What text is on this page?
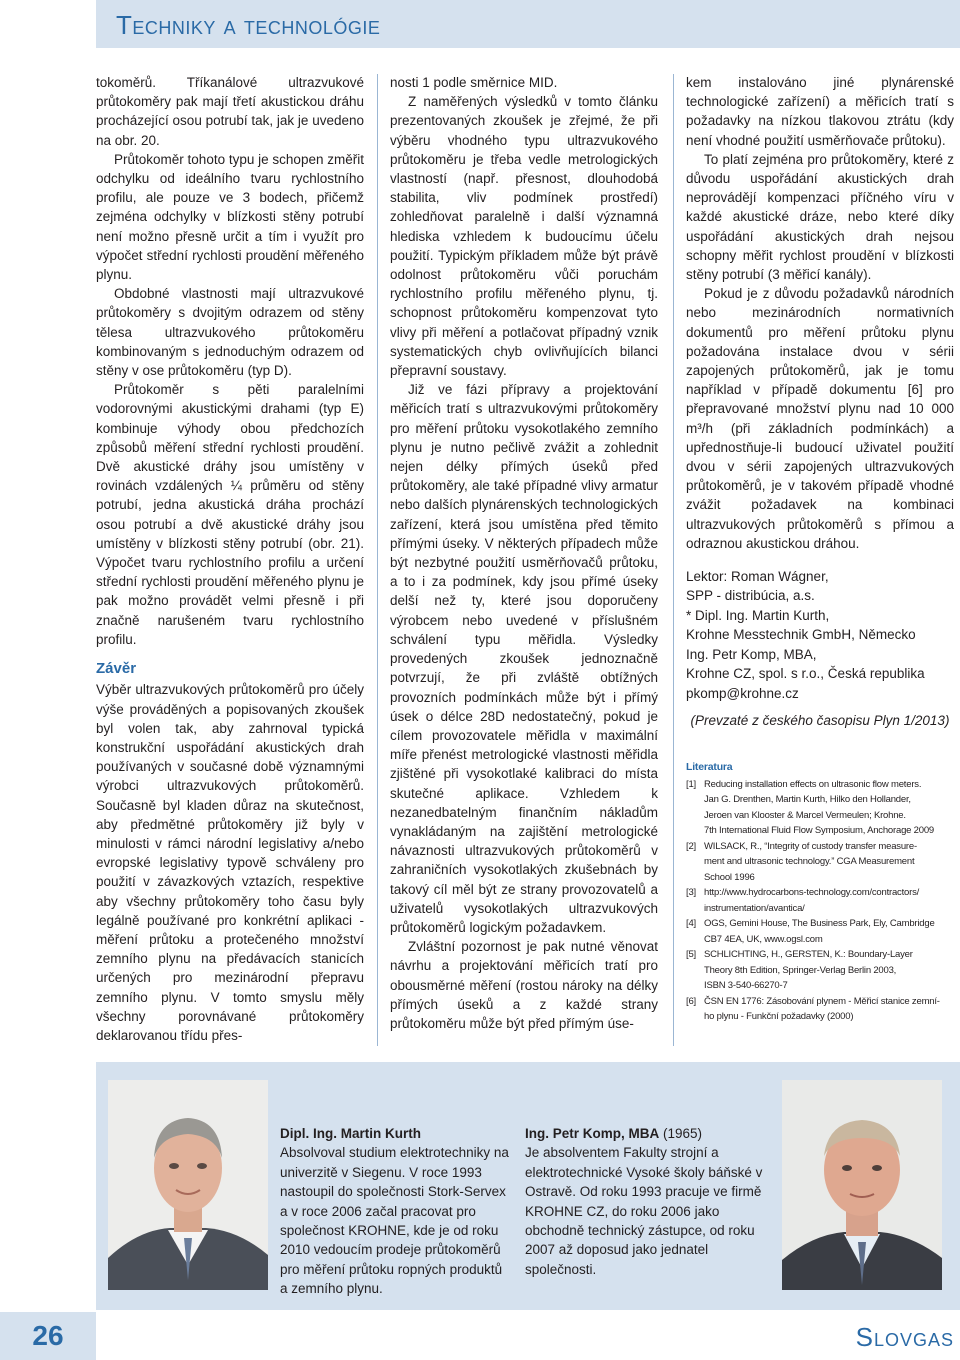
Techniky a technológie

tokoměrů. Tříkanálové ultrazvukové průtokoměry pak mají třetí akustickou dráhu procházející osou potrubí tak, jak je uvedeno na obr. 20.

Průtokoměr tohoto typu je schopen změřit odchylku od ideálního tvaru rychlostního profilu, ale pouze ve 3 bodech, přičemž zejména odchylky v blízkosti stěny potrubí není možno přesně určit a tím i využít pro výpočet střední rychlosti proudění měřeného plynu.

Obdobné vlastnosti mají ultrazvukové průtokoměry s dvojitým odrazem od stěny tělesa ultrazvukového průtokoměru kombinovaným s jednoduchým odrazem od stěny v ose průtokoměru (typ D).

Průtokoměr s pěti paralelními vodorovnými akustickými drahami (typ E) kombinuje výhody obou předchozích způsobů měření střední rychlosti proudění. Dvě akustické dráhy jsou umístěny v rovinách vzdálených ¼ průměru od stěny potrubí, jedna akustická dráha prochází osou potrubí a dvě akustické dráhy jsou umístěny v blízkosti stěny potrubí (obr. 21). Výpočet tvaru rychlostního profilu a určení střední rychlosti proudění měřeného plynu je pak možno provádět velmi přesně i při značně narušeném tvaru rychlostního profilu.

Závěr

Výběr ultrazvukových průtokoměrů pro účely výše prováděných a popisovaných zkoušek byl volen tak, aby zahrnoval typická konstrukční uspořádání akustických drah používaných v současné době významnými výrobci ultrazvukových průtokoměrů. Současně byl kladen důraz na skutečnost, aby předmětné průtokoměry již byly v minulosti v rámci národní legislativy a/nebo evropské legislativy typově schváleny pro použití v závazkových vztazích, respektive aby všechny průtokoměry toho času byly legálně používané pro konkrétní aplikaci - měření průtoku a protečeného množství zemního plynu na předávacích stanicích určených pro mezinárodní přepravu zemního plynu. V tomto smyslu měly všechny porovnávané průtokoměry deklarovanou třídu přes-

nosti 1 podle směrnice MID.

Z naměřených výsledků v tomto článku prezentovaných zkoušek je zřejmé, že při výběru vhodného typu ultrazvukového průtokoměru je třeba vedle metrologických vlastností (např. přesnost, dlouhodobá stabilita, vliv podmínek prostředí) zohledňovat paralelně i další významná hlediska vzhledem k budoucímu účelu použití. Typickým příkladem může být právě odolnost průtokoměru vůči poruchám rychlostního profilu měřeného plynu, tj. schopnost průtokoměru kompenzovat tyto vlivy při měření a potlačovat případný vznik systematických chyb ovlivňujících bilanci přepravní soustavy.

Již ve fázi přípravy a projektování měřicích tratí s ultrazvukovými průtokoměry pro měření průtoku vysokotlakého zemního plynu je nutno pečlivě zvážit a zohlednit nejen délky přímých úseků před průtokoměry, ale také případné vlivy armatur nebo dalších plynárenských technologických zařízení, která jsou umístěna před těmito přímými úseky. V některých případech může být nezbytné použití usměrňovačů průtoku, a to i za podmínek, kdy jsou přímé úseky delší než ty, které jsou doporučeny výrobcem nebo uvedené v příslušném schválení typu měřidla. Výsledky provedených zkoušek jednoznačně potvrzují, že při zvláště obtížných provozních podmínkách může být i přímý úsek o délce 28D nedostatečný, pokud je cílem provozovatele měřidla v maximální míře přenést metrologické vlastnosti měřidla zjištěné při vysokotlaké kalibraci do místa skutečné aplikace. Vzhledem k nezanedbatelným finančním nákladům vynakládaným na zajištění metrologické návaznosti ultrazvukových průtokoměrů v zahraničních vysokotlakých zkušebnách by takový cíl měl být ze strany provozovatelů a uživatelů vysokotlakých ultrazvukových průtokoměrů logickým požadavkem.

Zvláštní pozornost je pak nutné věnovat návrhu a projektování měřicích tratí pro obousměrné měření (rostou nároky na délky přímých úseků a z každé strany průtokoměru může být před přímým úse-

kem instalováno jiné plynárenské technologické zařízení) a měřicích tratí s požadavky na nízkou tlakovou ztrátu (kdy není vhodné použití usměrňovače průtoku).

To platí zejména pro průtokoměry, které z důvodu uspořádání akustických drah neprovádějí kompenzaci příčného víru v každé akustické dráze, nebo které díky uspořádání akustických drah nejsou schopny měřit rychlost proudění v blízkosti stěny potrubí (3 měřicí kanály).

Pokud je z důvodu požadavků národních nebo mezinárodních normativních dokumentů pro měření průtoku plynu požadována instalace dvou v sérii zapojených průtokoměrů, jak je tomu například v případě dokumentu [6] pro přepravované množství plynu nad 10 000 m³/h (při základních podmínkách) a upřednostňuje-li budoucí uživatel použití dvou v sérii zapojených ultrazvukových průtokoměrů, je v takovém případě vhodné zvážit požadavek na kombinaci ultrazvukových průtokoměrů s přímou a odraznou akustickou dráhou.

Lektor: Roman Wágner,
SPP - distribúcia, a.s.
* Dipl. Ing. Martin Kurth,
Krohne Messtechnik GmbH, Německo
Ing. Petr Komp, MBA,
Krohne CZ, spol. s r.o., Česká republika
pkomp@krohne.cz
(Prevzaté z českého časopisu Plyn 1/2013)
Literatura
[1] Reducing installation effects on ultrasonic flow meters.
Jan G. Drenthen, Martin Kurth, Hilko den Hollander,
Jeroen van Klooster & Marcel Vermeulen; Krohne.
7th International Fluid Flow Symposium, Anchorage 2009
[2] WILSACK, R., “Integrity of custody transfer measure-
ment and ultrasonic technology.” CGA Measurement
School 1996
[3] http://www.hydrocarbons-technology.com/contractors/
instrumentation/avantica/
[4] OGS, Gemini House, The Business Park, Ely, Cambridge
CB7 4EA, UK, www.ogsl.com
[5] SCHLICHTING, H., GERSTEN, K.: Boundary-Layer
Theory 8th Edition, Springer-Verlag Berlin 2003,
ISBN 3-540-66270-7
[6] ČSN EN 1776: Zásobování plynem - Měřicí stanice zemní-
ho plynu - Funkční požadavky (2000)
Dipl. Ing. Martin Kurth
Absolvoval studium elektrotechniky na univerzitě v Siegenu. V roce 1993 nastoupil do společnosti Stork-Servex a v roce 2006 začal pracovat pro společnost KROHNE, kde je od roku 2010 vedoucím prodeje průtokoměrů pro měření průtoku ropných produktů a zemního plynu.
Ing. Petr Komp, MBA (1965)
Je absolventem Fakulty strojní a elektrotechnické Vysoké školy báňské v Ostravě. Od roku 1993 pracuje ve firmě KROHNE CZ, do roku 2006 jako obchodně technický zástupce, od roku 2007 až doposud jako jednatel společnosti.
26	Slovgas
